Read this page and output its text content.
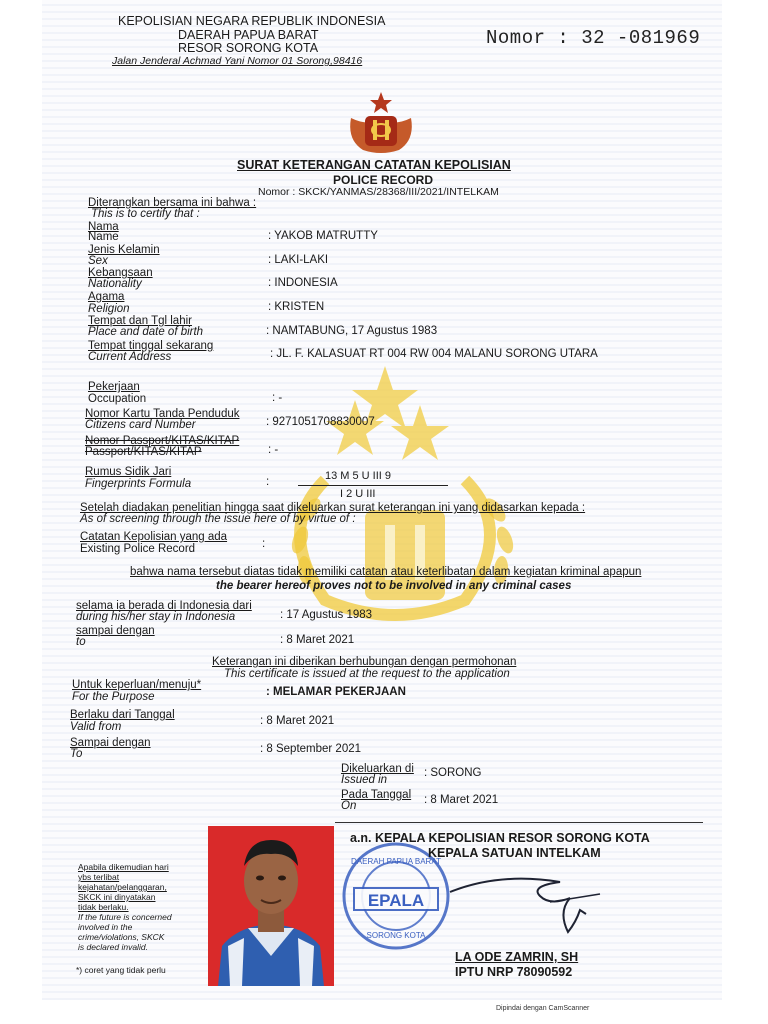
KEPOLISIAN NEGARA REPUBLIK INDONESIA
DAERAH PAPUA BARAT
RESOR SORONG KOTA
Jalan Jenderal Achmad Yani Nomor 01 Sorong,98416
Nomor : 32 -081969
SURAT KETERANGAN CATATAN KEPOLISIAN
POLICE RECORD
Nomor : SKCK/YANMAS/28368/III/2021/INTELKAM
Diterangkan bersama ini bahwa :
This is to certify that :
Nama
Name	: YAKOB MATRUTTY
Jenis Kelamin
Sex	: LAKI-LAKI
Kebangsaan
Nationality	: INDONESIA
Agama
Religion	: KRISTEN
Tempat dan Tgl lahir
Place and date of birth	: NAMTABUNG, 17 Agustus 1983
Tempat tinggal sekarang
Current Address	: JL. F. KALASUAT RT 004 RW 004 MALANU SORONG UTARA
Pekerjaan
Occupation	: -
Nomor Kartu Tanda Penduduk
Citizens card Number	: 9271051708830007
Nomor Passport/KITAS/KITAP
Passport/KITAS/KITAP	: -
Rumus Sidik Jari
Fingerprints Formula	:	13 M 5 U III 9
I 2 U III
Setelah diadakan penelitian hingga saat dikeluarkan surat keterangan ini yang didasarkan kepada :
As of screening through the issue here of by virtue of :
Catatan Kepolisian yang ada
Existing Police Record	:
bahwa nama tersebut diatas tidak memiliki catatan atau keterlibatan dalam kegiatan kriminal apapun
the bearer hereof proves not to be involved in any criminal cases
selama ia berada di Indonesia dari
during his/her stay in Indonesia	: 17 Agustus 1983
sampai dengan
to	: 8 Maret 2021
Keterangan ini diberikan berhubungan dengan permohonan
This certificate is issued at the request to the application
Untuk keperluan/menuju*
For the Purpose	: MELAMAR PEKERJAAN
Berlaku dari Tanggal
Valid from	: 8 Maret 2021
Sampai dengan
To	: 8 September 2021
Dikeluarkan di
Issued in
: SORONG
Pada Tanggal
On	: 8 Maret 2021
EPALA
DAERAH PAPUA BARAT
SORONG KOTA
a.n. KEPALA KEPOLISIAN RESOR SORONG KOTA
KEPALA SATUAN INTELKAM
LA ODE ZAMRIN, SH
IPTU NRP 78090592
Apabila dikemudian hari
ybs terlibat
kejahatan/pelanggaran,
SKCK ini dinyatakan
tidak berlaku.
If the future is concerned
involved in the
crime/violations, SKCK
is declared invalid.
*) coret yang tidak perlu
Dipindai dengan CamScanner
